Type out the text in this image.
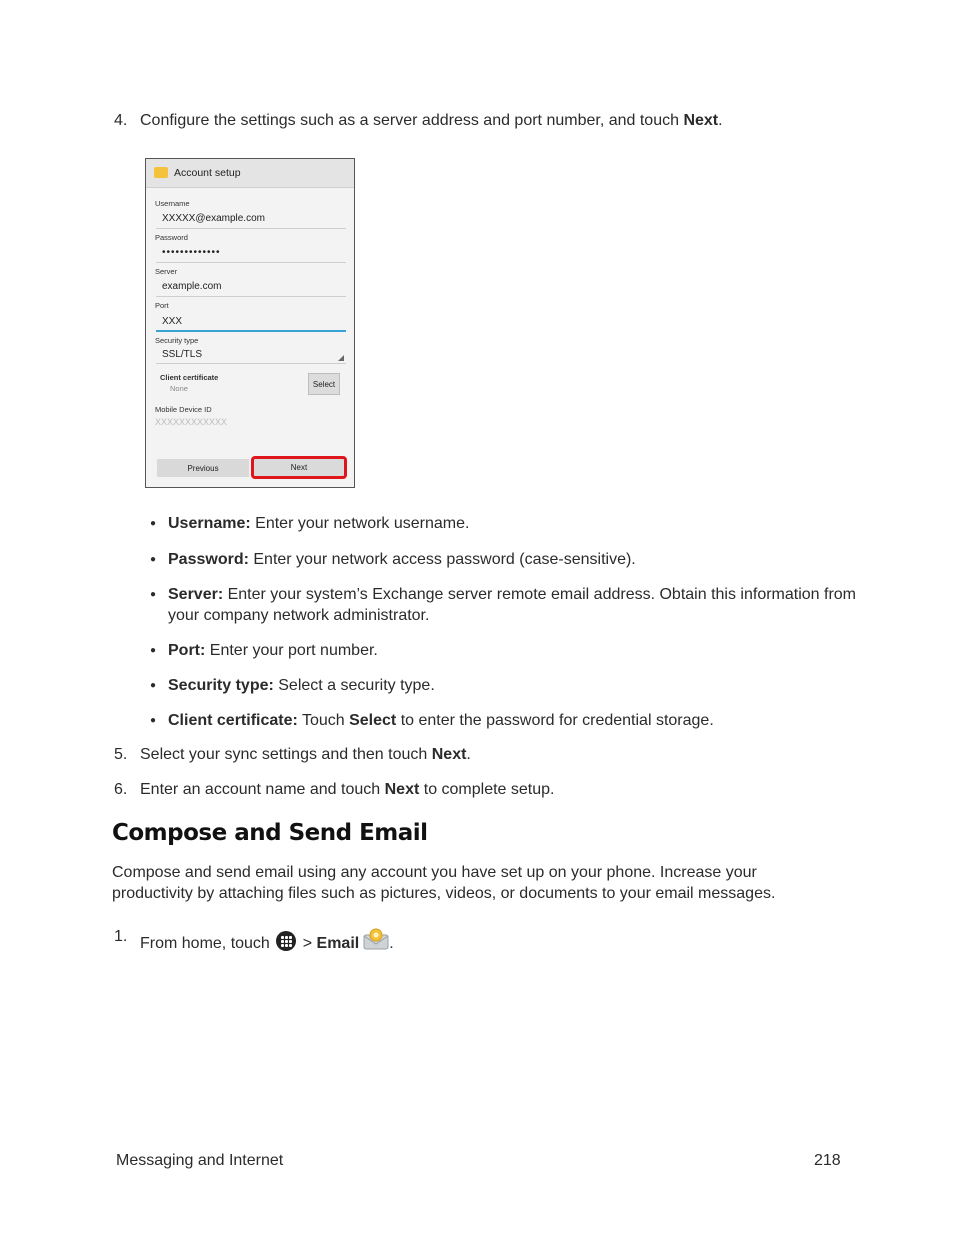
4. Configure the settings such as a server address and port number, and touch Next.
Account setup
Username
XXXXX@example.com
Password
•••••••••••••
Server
example.com
Port
XXX
Security type
SSL/TLS
Client certificate
None	Select
Mobile Device ID
XXXXXXXXXXXX
Previous	Next
● Username: Enter your network username.
● Password: Enter your network access password (case-sensitive).
● Server: Enter your system’s Exchange server remote email address. Obtain this information from your company network administrator.
● Port: Enter your port number.
● Security type: Select a security type.
● Client certificate: Touch Select to enter the password for credential storage.
5. Select your sync settings and then touch Next.
6. Enter an account name and touch Next to complete setup.
Compose and Send Email
Compose and send email using any account you have set up on your phone. Increase your productivity by attaching files such as pictures, videos, or documents to your email messages.
1. From home, touch
> Email .
Messaging and Internet	218
